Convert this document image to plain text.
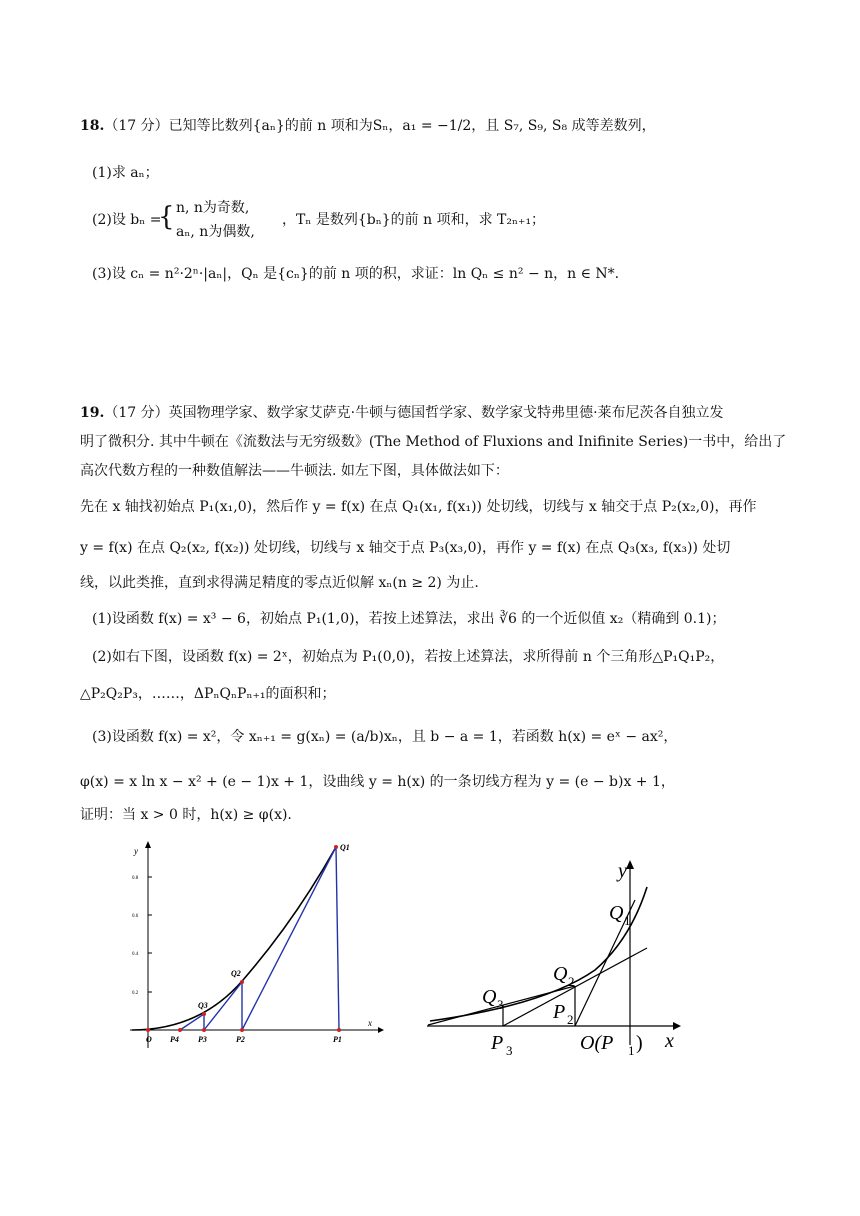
18.（17 分）已知等比数列{aₙ}的前 n 项和为Sₙ，a₁ = −1/2，且 S₇, S₉, S₈ 成等差数列，
(1)求 aₙ；
(2)设 bₙ =
{ n, n为奇数,
aₙ, n为偶数,
，Tₙ 是数列{bₙ}的前 n 项和，求 T₂ₙ₊₁；
(3)设 cₙ = n²·2ⁿ·|aₙ|，Qₙ 是{cₙ}的前 n 项的积，求证：ln Qₙ ≤ n² − n，n ∈ N*.
19.（17 分）英国物理学家、数学家艾萨克·牛顿与德国哲学家、数学家戈特弗里德·莱布尼茨各自独立发
明了微积分. 其中牛顿在《流数法与无穷级数》(The Method of Fluxions and Inifinite Series)一书中，给出了
高次代数方程的一种数值解法——牛顿法. 如左下图，具体做法如下：
先在 x 轴找初始点 P₁(x₁,0)，然后作 y = f(x) 在点 Q₁(x₁, f(x₁)) 处切线，切线与 x 轴交于点 P₂(x₂,0)，再作
y = f(x) 在点 Q₂(x₂, f(x₂)) 处切线，切线与 x 轴交于点 P₃(x₃,0)，再作 y = f(x) 在点 Q₃(x₃, f(x₃)) 处切
线，以此类推，直到求得满足精度的零点近似解 xₙ(n ≥ 2) 为止.
(1)设函数 f(x) = x³ − 6，初始点 P₁(1,0)，若按上述算法，求出 ∛6 的一个近似值 x₂（精确到 0.1)；
(2)如右下图，设函数 f(x) = 2ˣ，初始点为 P₁(0,0)，若按上述算法，求所得前 n 个三角形△P₁Q₁P₂，
△P₂Q₂P₃，……，ΔPₙQₙPₙ₊₁的面积和；
(3)设函数 f(x) = x²，令 xₙ₊₁ = g(xₙ) = (a/b)xₙ，且 b − a = 1，若函数 h(x) = eˣ − ax²，
φ(x) = x ln x − x² + (e − 1)x + 1，设曲线 y = h(x) 的一条切线方程为 y = (e − b)x + 1，
证明：当 x > 0 时，h(x) ≥ φ(x).
y
x
0.8
0.6
0.4
0.2
Q1
Q2
Q3
P4 P3	P2	P1
O
y
x
Q 1
Q 2
Q 3 P 2
P 3	O(P 1 )
